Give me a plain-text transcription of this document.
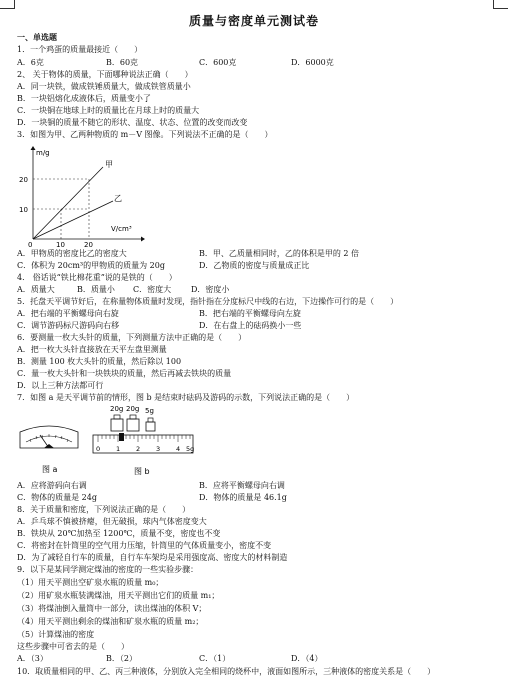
质量与密度单元测试卷
一、单选题
1．一个鸡蛋的质量最接近（　　）
A．6克	B．60克	C．600克	D．6000克
2、 关于物体的质量，下面哪种说法正确（　　）
A．同一块铁，做成铁锤质量大，做成铁管质量小
B．一块铝熔化成液体后，质量变小了
C．一块铜在地球上时的质量比在月球上时的质量大
D．一块铜的质量不随它的形状、温度、状态、位置的改变而改变
3．如图为甲、乙两种物质的 m－V 图像。下列说法不正确的是（　　）
甲
乙
m/g
V/cm³
20
10
0	10	20
A．甲物质的密度比乙的密度大	B．甲、乙质量相同时，乙的体积是甲的 2 倍
C．体积为 20cm³的甲物质的质量为 20g	D．乙物质的密度与质量成正比
4． 俗话说“铁比棉花重”说的是铁的（　　）
A．质量大	B．质量小 C．密度大 D．密度小
5．托盘天平调节好后，在称量物体质量时发现，指针指在分度标尺中线的右边，下边操作可行的是（　　）
A．把右端的平衡螺母向右旋	B．把右端的平衡螺母向左旋
C．调节游码标尺游码向右移	D．在右盘上的砝码换小一些
6．要测量一枚大头针的质量，下列测量方法中正确的是（　　）
A．把一枚大头针直接放在天平左盘里测量
B．测量 100 枚大头针的质量，然后除以 100
C．量一枚大头针和一块铁块的质量，然后再减去铁块的质量
D．以上三种方法都可行
7．如图 a 是天平调节前的情形，图 b 是结束时砝码及游码的示数，下列说法正确的是（　　）
图 a
20g 20g 5g
0 1 2 3 4 5g
图 b
A．应将游码向右调	B．应将平衡螺母向右调
C．物体的质量是 24g	D．物体的质量是 46.1g
8．关于质量和密度，下列说法正确的是（　　）
A．乒乓球不慎被挤瘪，但无破损，球内气体密度变大
B．铁块从 20℃加热至 1200℃，质量不变，密度也不变
C．将密封在针筒里的空气用力压缩，针筒里的气体质量变小，密度不变
D．为了减轻自行车的质量，自行车车架均是采用强度高、密度大的材料制造
9．以下是某同学测定煤油的密度的一些实验步骤：
（1）用天平测出空矿泉水瓶的质量 m₀；
（2）用矿泉水瓶装满煤油，用天平测出它们的质量 m₁；
（3）将煤油倒入量筒中一部分，读出煤油的体积 V；
（4）用天平测出剩余的煤油和矿泉水瓶的质量 m₂；
（5）计算煤油的密度
这些步骤中可省去的是（　　）
A．（3）	B．（2）	C．（1）	D．（4）
10．取质量相同的甲、乙、丙三种液体，分别放入完全相同的烧杯中，液面如图所示，三种液体的密度关系是（　　）
